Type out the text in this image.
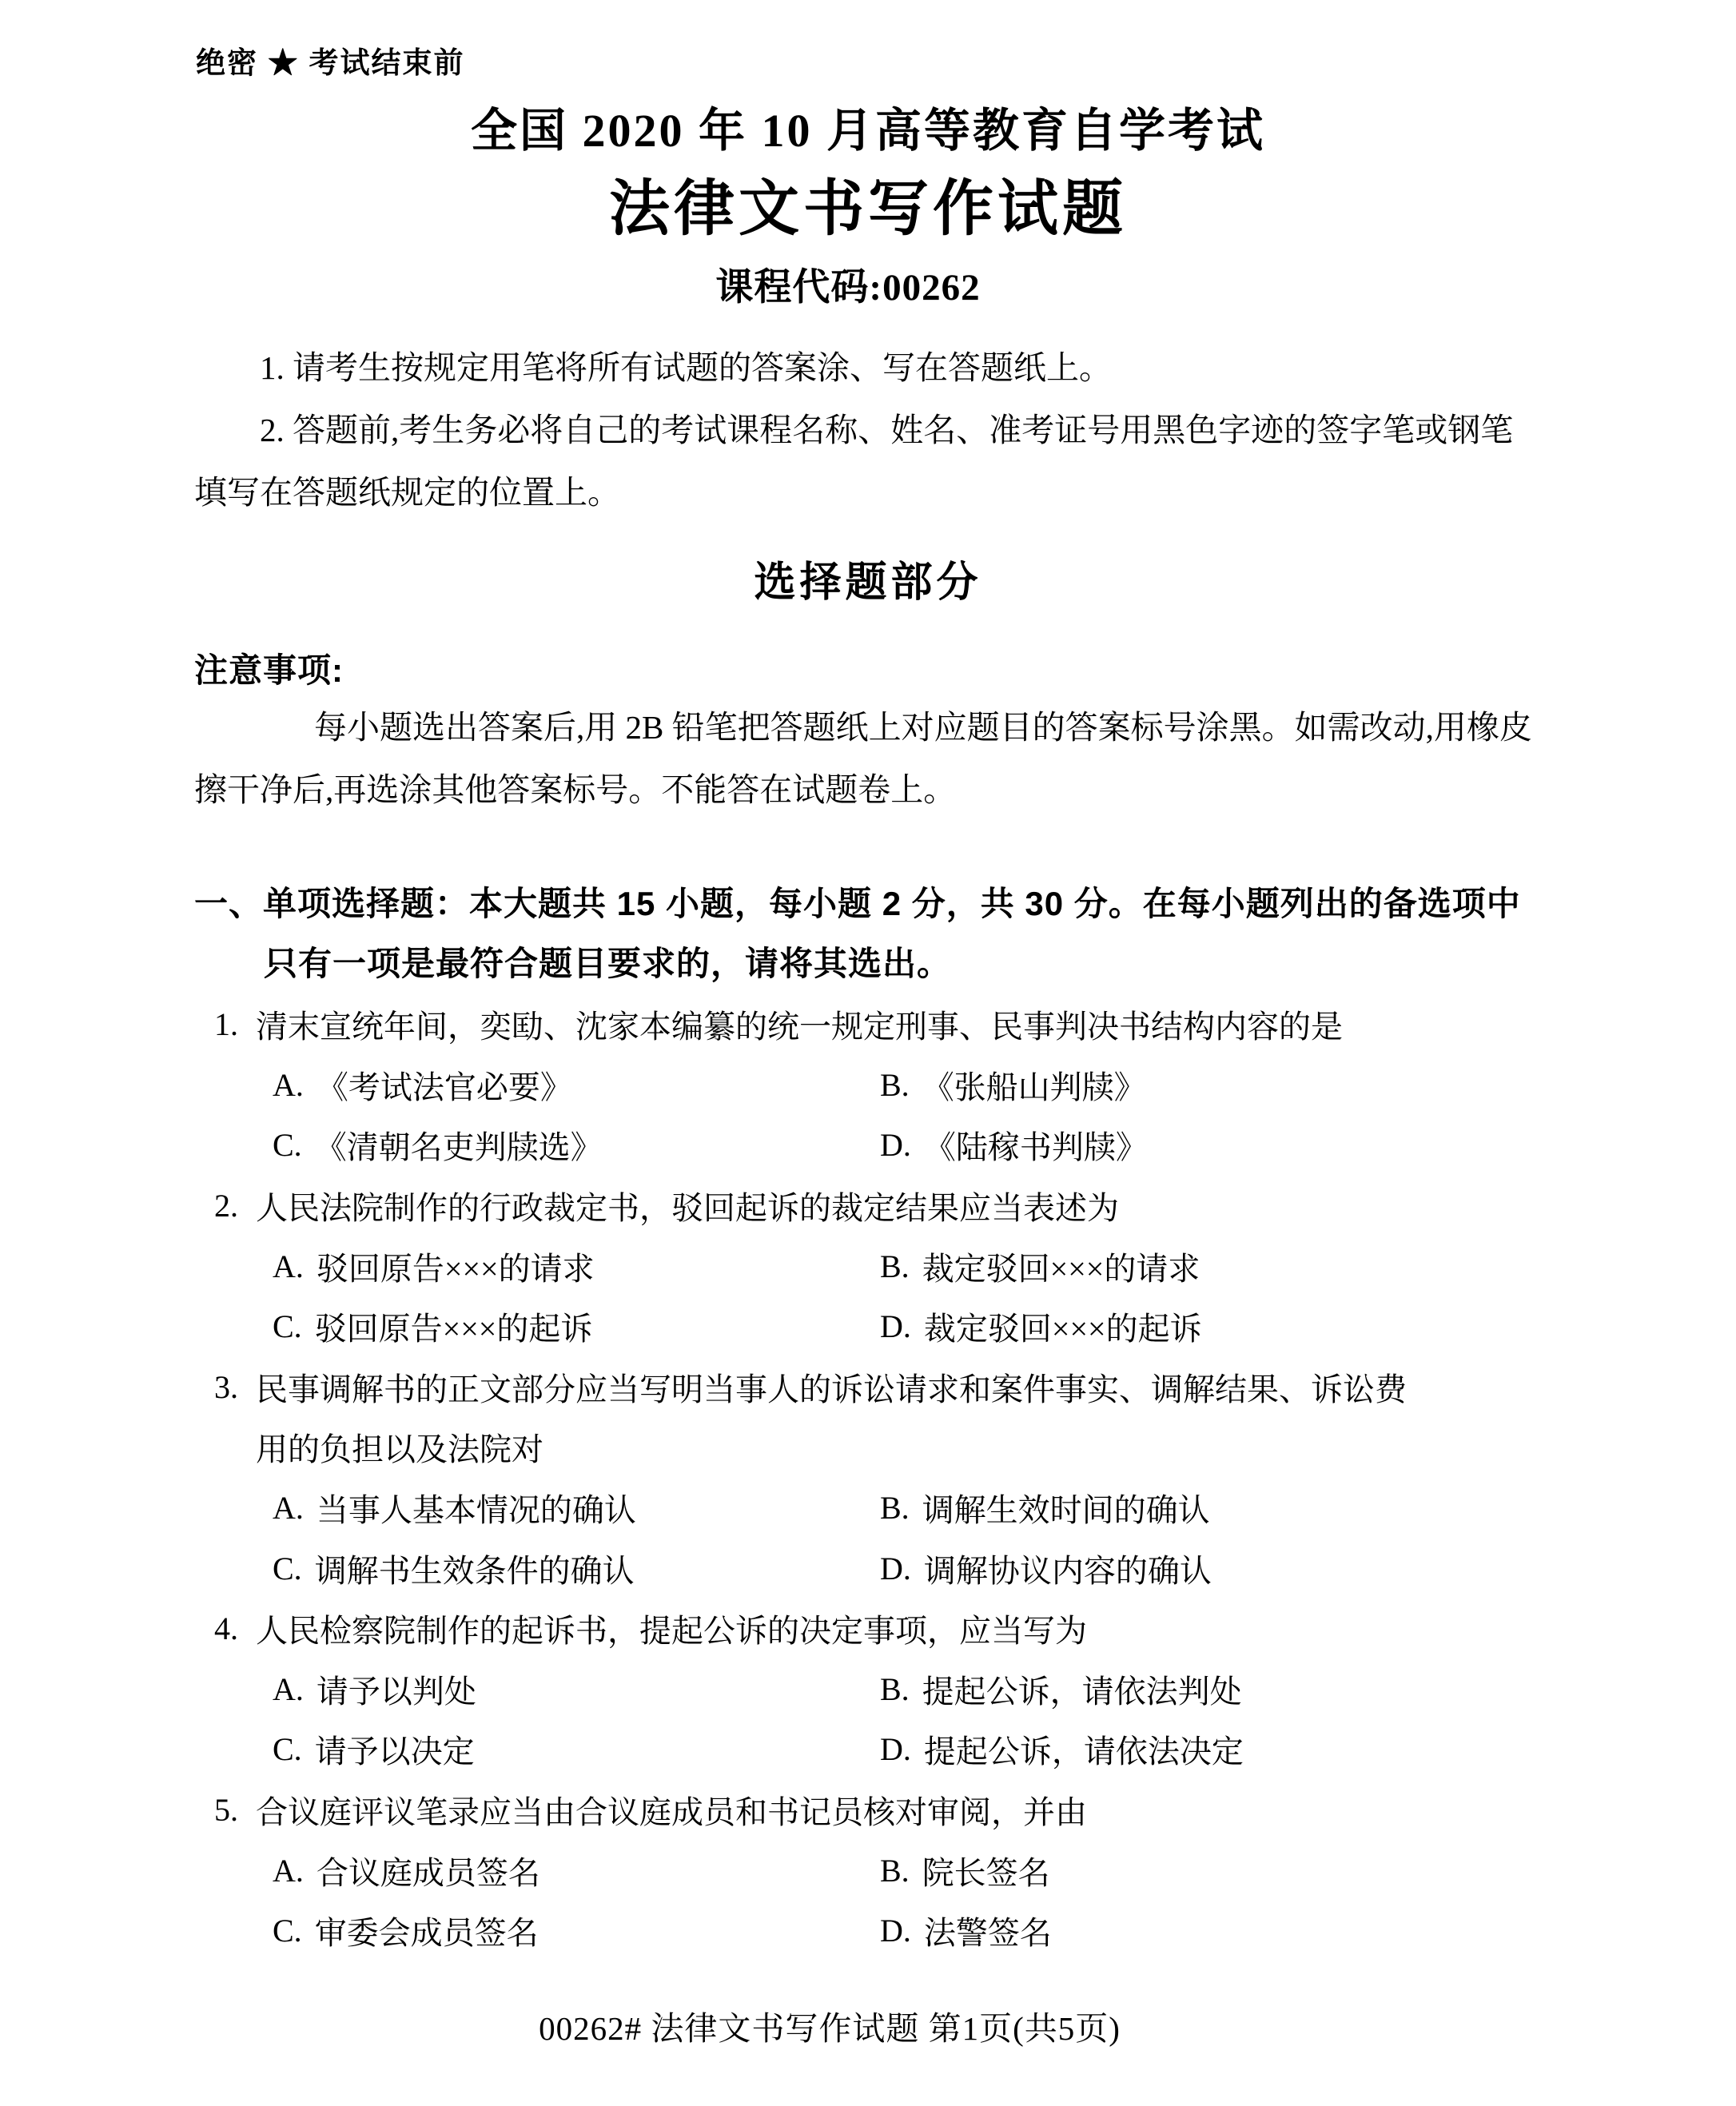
绝密 ★ 考试结束前
全国 2020 年 10 月高等教育自学考试
法律文书写作试题
课程代码:00262
1. 请考生按规定用笔将所有试题的答案涂、写在答题纸上。
2. 答题前,考生务必将自己的考试课程名称、姓名、准考证号用黑色字迹的签字笔或钢笔
填写在答题纸规定的位置上。
选择题部分
注意事项:
每小题选出答案后,用 2B 铅笔把答题纸上对应题目的答案标号涂黑。如需改动,用橡皮
擦干净后,再选涂其他答案标号。不能答在试题卷上。
一、单项选择题：本大题共 15 小题，每小题 2 分，共 30 分。在每小题列出的备选项中
只有一项是最符合题目要求的，请将其选出。
1. 清末宣统年间，奕劻、沈家本编纂的统一规定刑事、民事判决书结构内容的是
A. 《考试法官必要》	B. 《张船山判牍》
C. 《清朝名吏判牍选》	D. 《陆稼书判牍》
2. 人民法院制作的行政裁定书，驳回起诉的裁定结果应当表述为
A. 驳回原告×××的请求	B. 裁定驳回×××的请求
C. 驳回原告×××的起诉	D. 裁定驳回×××的起诉
3. 民事调解书的正文部分应当写明当事人的诉讼请求和案件事实、调解结果、诉讼费
用的负担以及法院对
A. 当事人基本情况的确认	B. 调解生效时间的确认
C. 调解书生效条件的确认	D. 调解协议内容的确认
4. 人民检察院制作的起诉书，提起公诉的决定事项，应当写为
A. 请予以判处	B. 提起公诉，请依法判处
C. 请予以决定	D. 提起公诉，请依法决定
5. 合议庭评议笔录应当由合议庭成员和书记员核对审阅，并由
A. 合议庭成员签名	B. 院长签名
C. 审委会成员签名	D. 法警签名
00262# 法律文书写作试题 第1页(共5页)
